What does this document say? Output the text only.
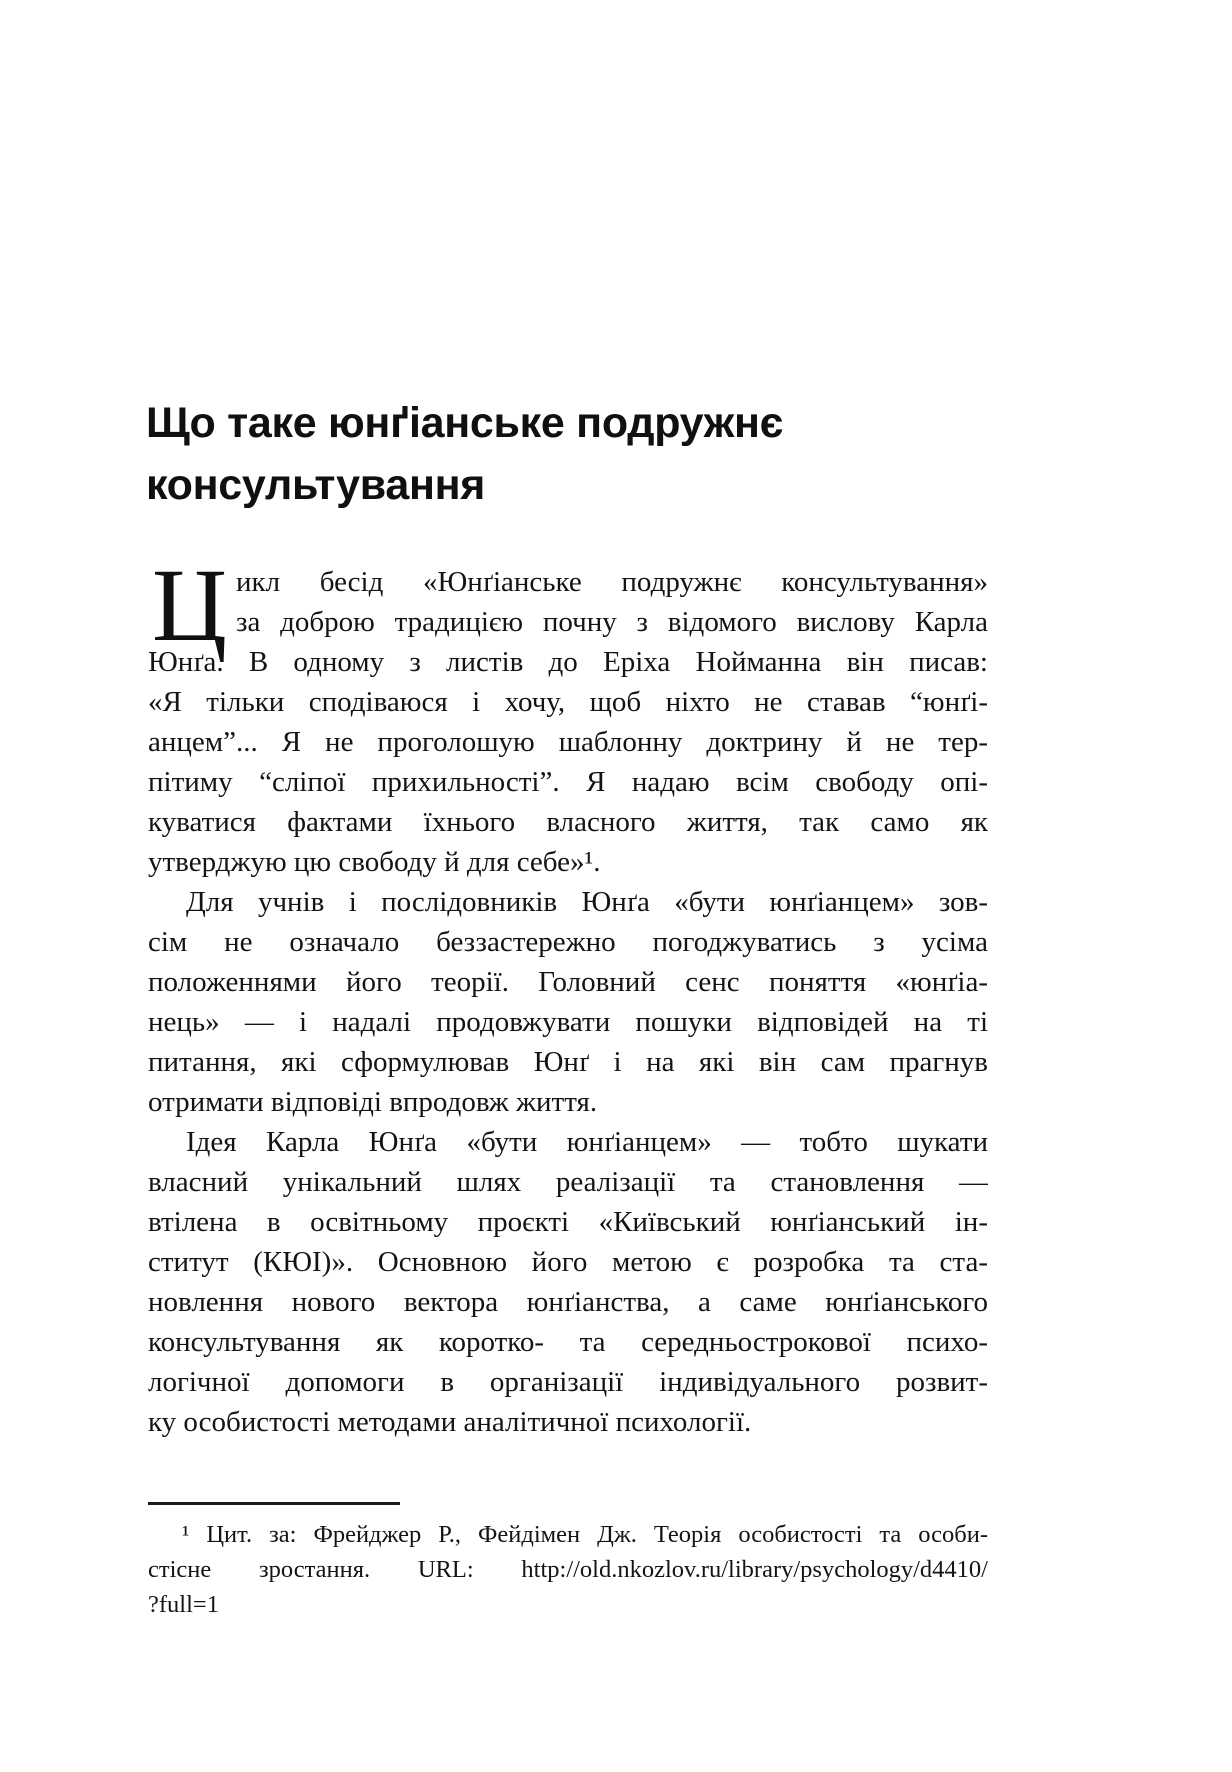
Що таке юнґіанське подружнє
консультування
Ц икл бесід «Юнґіанське подружнє консультування»
за доброю традицією почну з відомого вислову Карла
Юнґа. В одному з листів до Еріха Нойманна він писав:
«Я тільки сподіваюся і хочу, щоб ніхто не ставав “юнґі-
анцем”... Я не проголошую шаблонну доктрину й не тер-
пітиму “сліпої прихильності”. Я надаю всім свободу опі-
куватися фактами їхнього власного життя, так само як
утверджую цю свободу й для себе»¹.
Для учнів і послідовників Юнґа «бути юнґіанцем» зов-
сім не означало беззастережно погоджуватись з усіма
положеннями його теорії. Головний сенс поняття «юнґіа-
нець» — і надалі продовжувати пошуки відповідей на ті
питання, які сформулював Юнґ і на які він сам прагнув
отримати відповіді впродовж життя.
Ідея Карла Юнґа «бути юнґіанцем» — тобто шукати
власний унікальний шлях реалізації та становлення —
втілена в освітньому проєкті «Київський юнґіанський ін-
ститут (КЮІ)». Основною його метою є розробка та ста-
новлення нового вектора юнґіанства, а саме юнґіанського
консультування як коротко- та середньострокової психо-
логічної допомоги в організації індивідуального розвит-
ку особистості методами аналітичної психології.
¹ Цит. за: Фрейджер Р., Фейдімен Дж. Теорія особистості та особи-
стісне зростання. URL: http://old.nkozlov.ru/library/psychology/d4410/
?full=1
